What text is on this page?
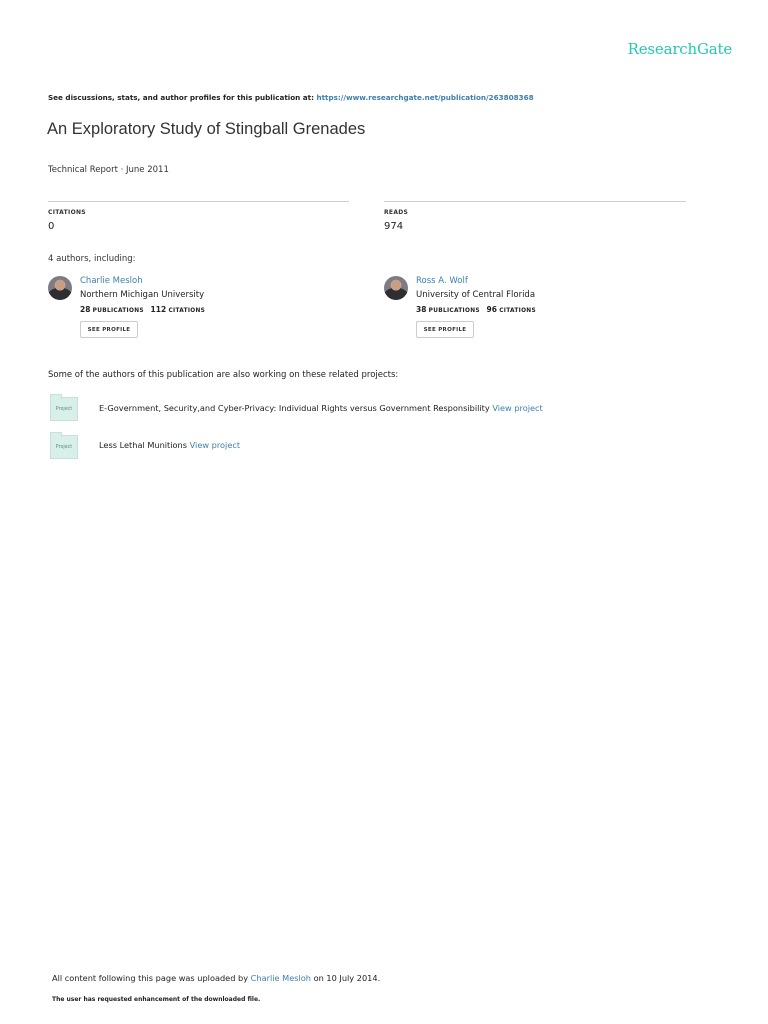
ResearchGate
See discussions, stats, and author profiles for this publication at: https://www.researchgate.net/publication/263808368
An Exploratory Study of Stingball Grenades
Technical Report · June 2011
CITATIONS
0
READS
974
4 authors, including:
Charlie Mesloh
Northern Michigan University
28 PUBLICATIONS 112 CITATIONS
SEE PROFILE
Ross A. Wolf
University of Central Florida
38 PUBLICATIONS 96 CITATIONS
SEE PROFILE
Some of the authors of this publication are also working on these related projects:
Project	E-Government, Security,and Cyber-Privacy: Individual Rights versus Government Responsibility View project
Project	Less Lethal Munitions View project
All content following this page was uploaded by Charlie Mesloh on 10 July 2014.
The user has requested enhancement of the downloaded file.
